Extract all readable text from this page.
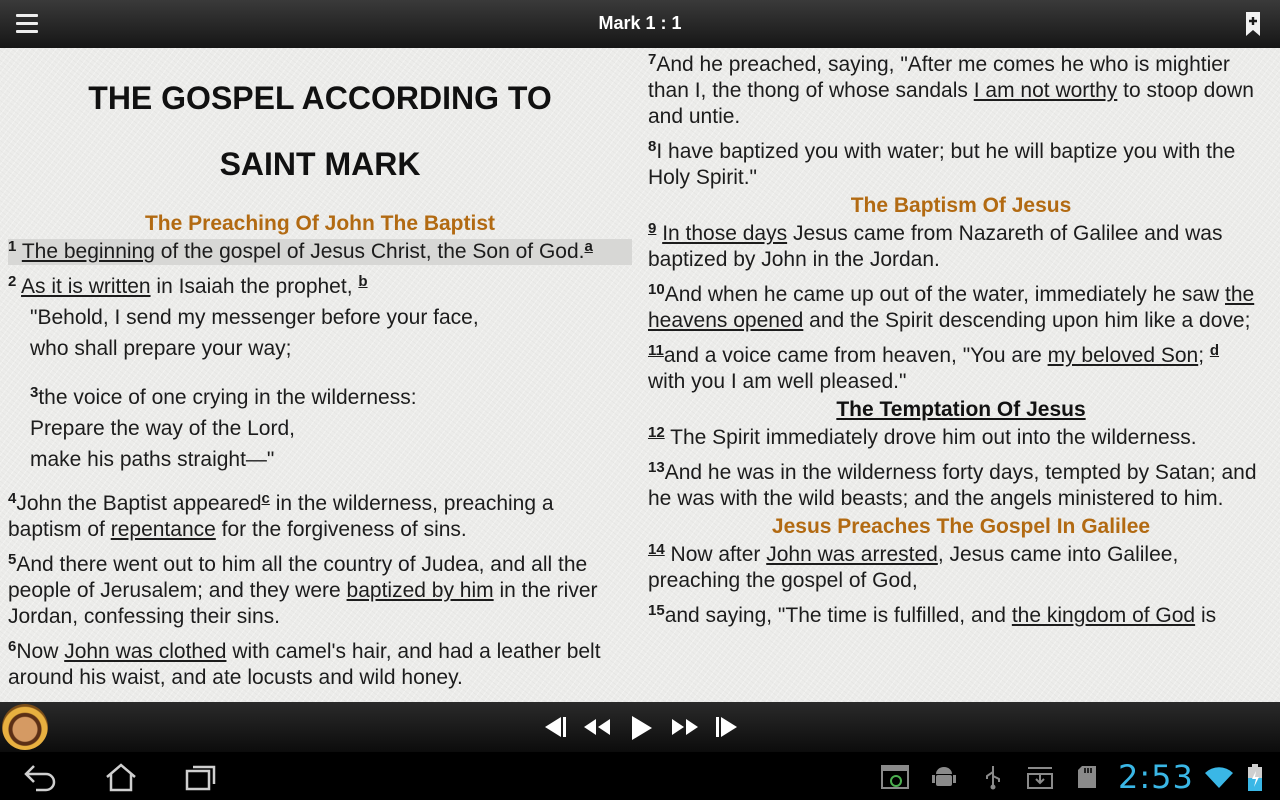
Mark 1 : 1
THE GOSPEL ACCORDING TO
SAINT MARK
The Preaching Of John The Baptist
$^1$ The beginning of the gospel of Jesus Christ, the Son of God.$^a$
$^2$ As it is written in Isaiah the prophet, $^b$
"Behold, I send my messenger before your face,
who shall prepare your way;
$^3$the voice of one crying in the wilderness:
Prepare the way of the Lord,
make his paths straight—"
$^4$John the Baptist appeared$^c$ in the wilderness, preaching a baptism of repentance for the forgiveness of sins.
$^5$And there went out to him all the country of Judea, and all the people of Jerusalem; and they were baptized by him in the river Jordan, confessing their sins.
$^6$Now John was clothed with camel's hair, and had a leather belt around his waist, and ate locusts and wild honey.
$^7$And he preached, saying, "After me comes he who is mightier than I, the thong of whose sandals I am not worthy to stoop down and untie.
$^8$I have baptized you with water; but he will baptize you with the Holy Spirit."
The Baptism Of Jesus
$^9$ In those days Jesus came from Nazareth of Galilee and was baptized by John in the Jordan.
$^{10}$And when he came up out of the water, immediately he saw the heavens opened and the Spirit descending upon him like a dove;
$^{11}$and a voice came from heaven, "You are my beloved Son; $^d$
with you I am well pleased."
The Temptation Of Jesus
$^{12}$ The Spirit immediately drove him out into the wilderness.
$^{13}$And he was in the wilderness forty days, tempted by Satan; and he was with the wild beasts; and the angels ministered to him.
Jesus Preaches The Gospel In Galilee
$^{14}$ Now after John was arrested, Jesus came into Galilee, preaching the gospel of God,
$^{15}$and saying, "The time is fulfilled, and the kingdom of God is
2:53
